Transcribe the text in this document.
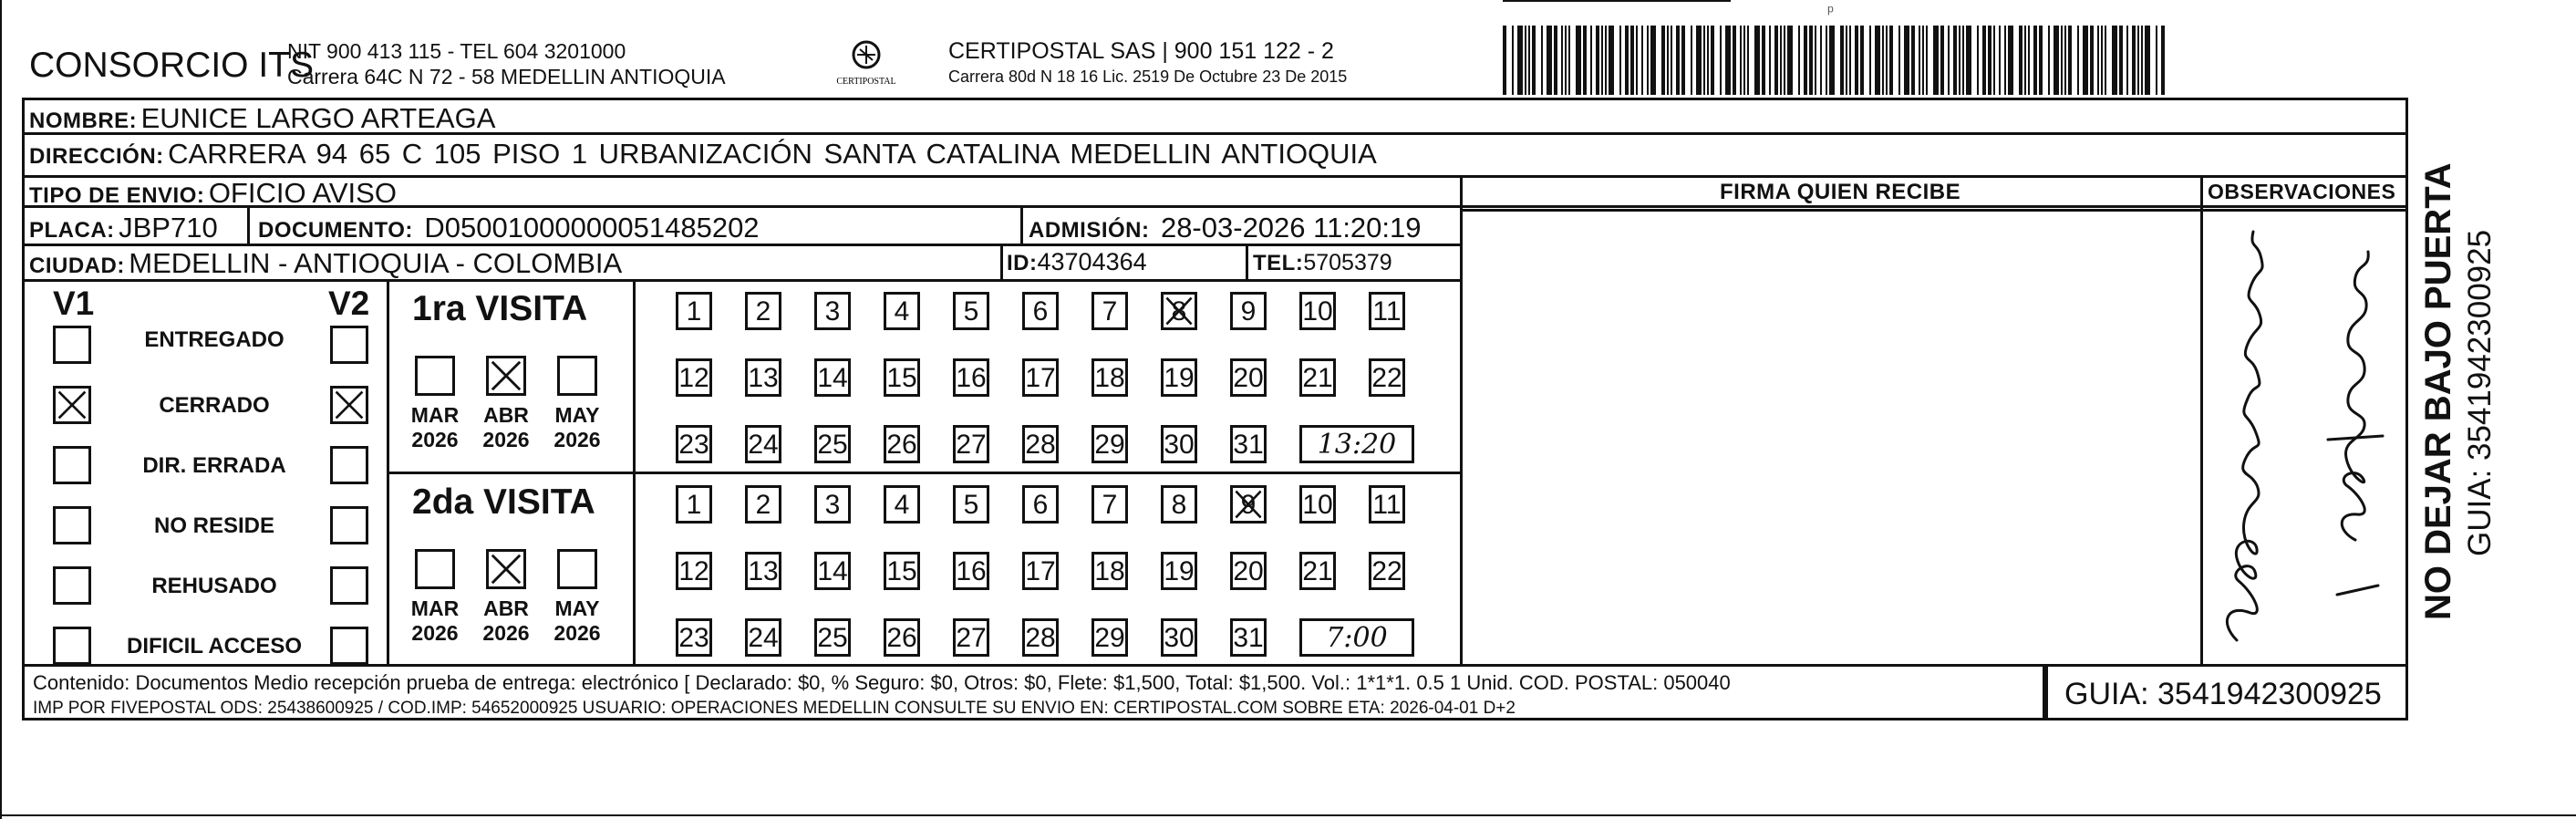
CONSORCIO ITS
NIT 900 413 115 - TEL 604 3201000
Carrera 64C N 72 - 58 MEDELLIN ANTIOQUIA	CERTIPOSTAL
CERTIPOSTAL SAS | 900 151 122 - 2
Carrera 80d N 18 16 Lic. 2519 De Octubre 23 De 2015
NOMBRE: EUNICE LARGO ARTEAGA
DIRECCIÓN: CARRERA 94 65 C 105 PISO 1 URBANIZACIÓN SANTA CATALINA MEDELLIN ANTIOQUIA
TIPO DE ENVIO: OFICIO AVISO
PLACA: JBP710 DOCUMENTO: D05001000000051485202	ADMISIÓN: 28-03-2026 11:20:19
CIUDAD: MEDELLIN - ANTIOQUIA - COLOMBIA	ID:43704364	TEL:5705379
FIRMA QUIEN RECIBE	OBSERVACIONES
V1	V2
ENTREGADO
CERRADO
DIR. ERRADA
NO RESIDE
REHUSADO
DIFICIL ACCESO
1ra VISITA
MAR
2026
ABR
2026
MAY
2026
1	2	3	4	5	6	7	8	9	10 11
12 13 14 15 16 17 18 19 20 21 22
23 24 25 26 27 28 29 30 31	13:20
2da VISITA
MAR
2026
ABR
2026
MAY
2026
1	2	3	4	5	6	7	8	9	10 11
12 13 14 15 16 17 18 19 20 21 22
23 24 25 26 27 28 29 30 31	7:00
Contenido: Documentos Medio recepción prueba de entrega: electrónico [ Declarado: $0, % Seguro: $0, Otros: $0, Flete: $1,500, Total: $1,500. Vol.: 1*1*1. 0.5 1 Unid. COD. POSTAL: 050040
IMP POR FIVEPOSTAL ODS: 25438600925 / COD.IMP: 54652000925 USUARIO: OPERACIONES MEDELLIN CONSULTE SU ENVIO EN: CERTIPOSTAL.COM SOBRE ETA: 2026-04-01 D+2	GUIA: 3541942300925
NO DEJAR BAJO PUERTA GUIA: 3541942300925
ᵖ
